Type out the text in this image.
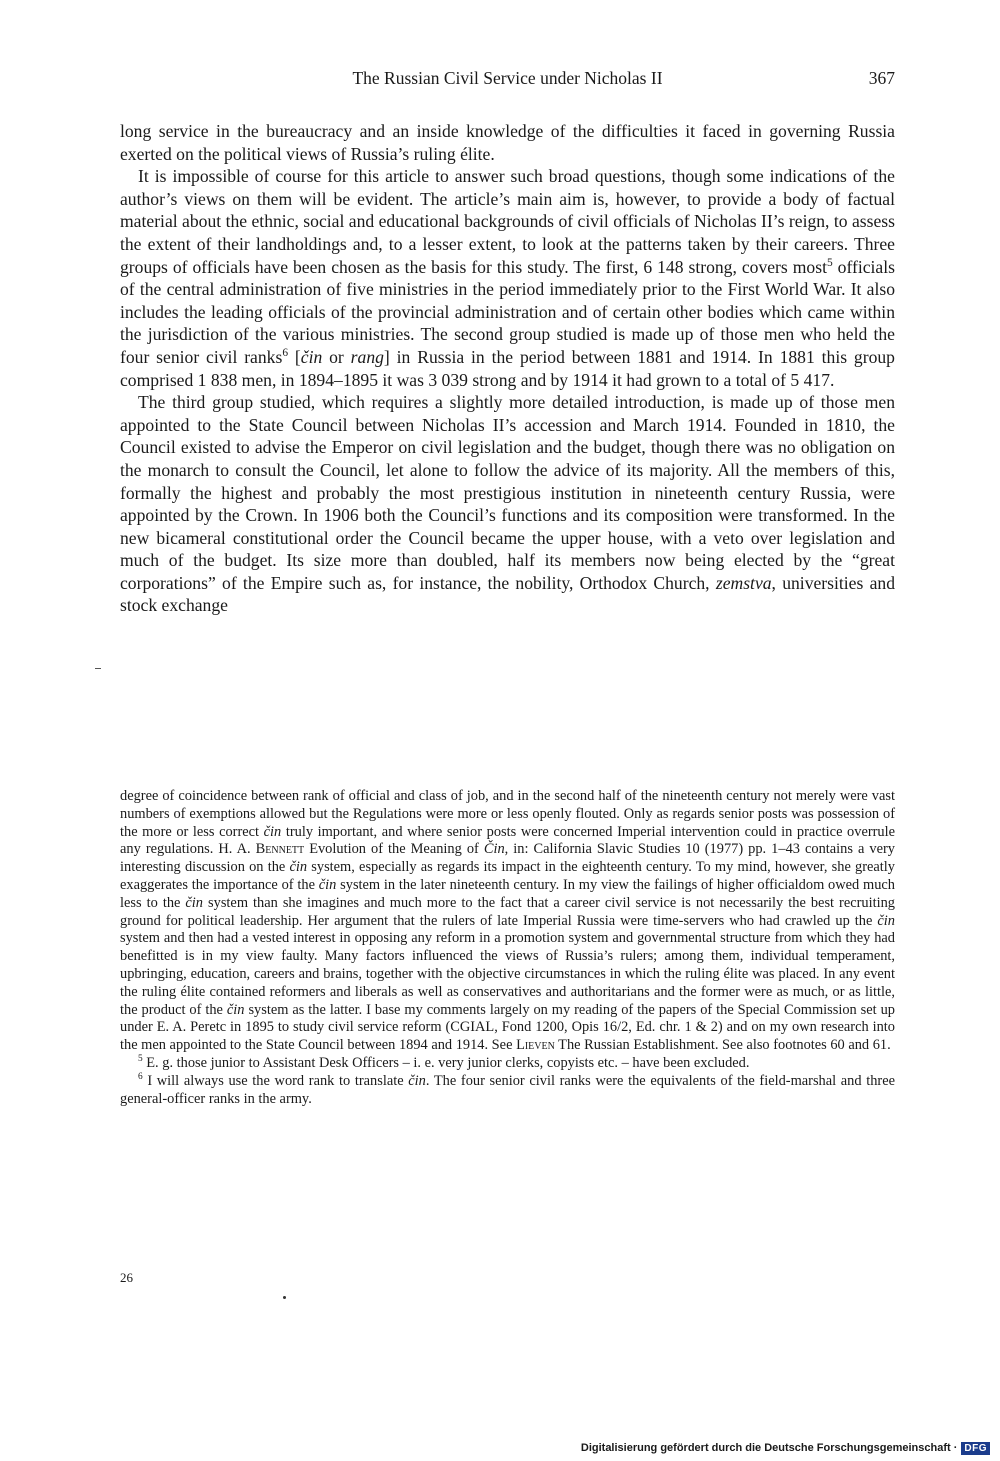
The Russian Civil Service under Nicholas II	367

long service in the bureaucracy and an inside knowledge of the difficulties it faced in governing Russia exerted on the political views of Russia’s ruling élite.

It is impossible of course for this article to answer such broad questions, though some indications of the author’s views on them will be evident. The article’s main aim is, however, to provide a body of factual material about the ethnic, social and educational backgrounds of civil officials of Nicholas II’s reign, to assess the extent of their landholdings and, to a lesser extent, to look at the patterns taken by their careers. Three groups of officials have been chosen as the basis for this study. The first, 6 148 strong, covers most$^5$ officials of the central administration of five ministries in the period immediately prior to the First World War. It also includes the leading officials of the provincial administration and of certain other bodies which came within the jurisdiction of the various ministries. The second group studied is made up of those men who held the four senior civil ranks$^6$ [čin or rang] in Russia in the period between 1881 and 1914. In 1881 this group comprised 1 838 men, in 1894–1895 it was 3 039 strong and by 1914 it had grown to a total of 5 417.

The third group studied, which requires a slightly more detailed introduction, is made up of those men appointed to the State Council between Nicholas II’s accession and March 1914. Founded in 1810, the Council existed to advise the Emperor on civil legislation and the budget, though there was no obligation on the monarch to consult the Council, let alone to follow the advice of its majority. All the members of this, formally the highest and probably the most prestigious institution in nineteenth century Russia, were appointed by the Crown. In 1906 both the Council’s functions and its composition were transformed. In the new bicameral constitutional order the Council became the upper house, with a veto over legislation and much of the budget. Its size more than doubled, half its members now being elected by the “great corporations” of the Empire such as, for instance, the nobility, Orthodox Church, zemstva, universities and stock exchange

degree of coincidence between rank of official and class of job, and in the second half of the nineteenth century not merely were vast numbers of exemptions allowed but the Regulations were more or less openly flouted. Only as regards senior posts was possession of the more or less correct čin truly important, and where senior posts were concerned Imperial intervention could in practice overrule any regulations. H. A. Bennett Evolution of the Meaning of Čin, in: California Slavic Studies 10 (1977) pp. 1–43 contains a very interesting discussion on the čin system, especially as regards its impact in the eighteenth century. To my mind, however, she greatly exaggerates the importance of the čin system in the later nineteenth century. In my view the failings of higher officialdom owed much less to the čin system than she imagines and much more to the fact that a career civil service is not necessarily the best recruiting ground for political leadership. Her argument that the rulers of late Imperial Russia were time-servers who had crawled up the čin system and then had a vested interest in opposing any reform in a promotion system and governmental structure from which they had benefitted is in my view faulty. Many factors influenced the views of Russia’s rulers; among them, individual temperament, upbringing, education, careers and brains, together with the objective circumstances in which the ruling élite was placed. In any event the ruling élite contained reformers and liberals as well as conservatives and authoritarians and the former were as much, or as little, the product of the čin system as the latter. I base my comments largely on my reading of the papers of the Special Commission set up under E. A. Peretc in 1895 to study civil service reform (CGIAL, Fond 1200, Opis 16/2, Ed. chr. 1 & 2) and on my own research into the men appointed to the State Council between 1894 and 1914. See Lieven The Russian Establishment. See also footnotes 60 and 61.

$^5$ E. g. those junior to Assistant Desk Officers – i. e. very junior clerks, copyists etc. – have been excluded.

$^6$ I will always use the word rank to translate čin. The four senior civil ranks were the equivalents of the field-marshal and three general-officer ranks in the army.

26
Digitalisierung gefördert durch die Deutsche Forschungsgemeinschaft · DFG
